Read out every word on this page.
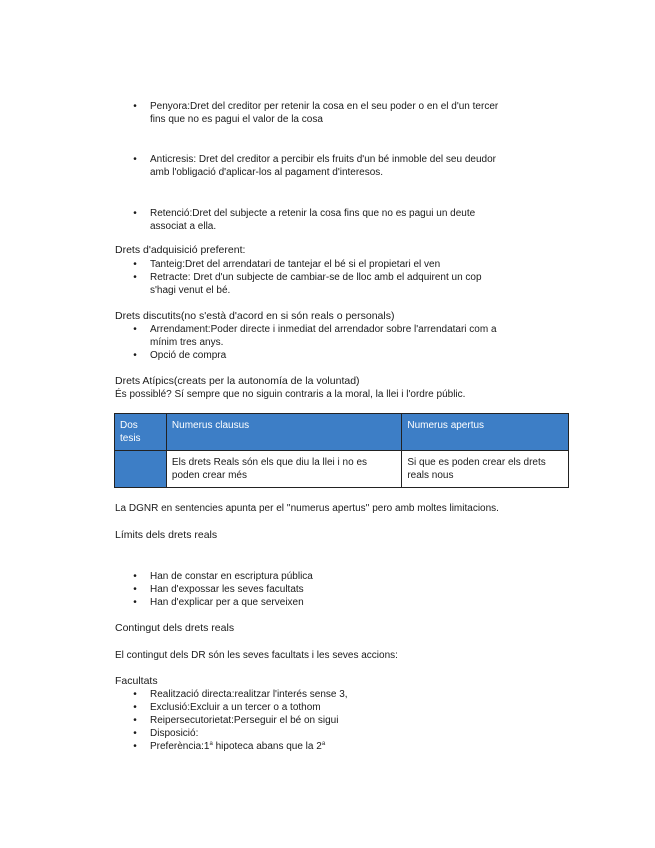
•	Penyora:Dret del creditor per retenir la cosa en el seu poder o en el d'un tercer
fins que no es pagui el valor de la cosa
•	Anticresis: Dret del creditor a percibir els fruits d'un bé inmoble del seu deudor
amb l'obligació d'aplicar-los al pagament d'interesos.
•	Retenció:Dret del subjecte a retenir la cosa fins que no es pagui un deute
associat a ella.
Drets d'adquisició preferent:
•	Tanteig:Dret del arrendatari de tantejar el bé si el propietari el ven
•	Retracte: Dret d'un subjecte de cambiar-se de lloc amb el adquirent un cop
s'hagi venut el bé.
Drets discutits(no s'està d'acord en si són reals o personals)
•	Arrendament:Poder directe i inmediat del arrendador sobre l'arrendatari com a
mínim tres anys.
•	Opció de compra
Drets Atípics(creats per la autonomía de la voluntad)
És possiblé? Sí sempre que no siguin contraris a la moral, la llei i l'ordre públic.
Dos tesis	Numerus clausus	Numerus apertus
	Els drets Reals són els que diu la llei i no es poden crear més	Si que es poden crear els drets reals nous
La DGNR en sentencies apunta per el ''numerus apertus'' pero amb moltes limitacions.
Límits dels drets reals
•	Han de constar en escriptura pública
•	Han d'expossar les seves facultats
•	Han d'explicar per a que serveixen
Contingut dels drets reals
El contingut dels DR són les seves facultats i les seves accions:
Facultats
•	Realització directa:realitzar l'interés sense 3,
•	Exclusió:Excluir a un tercer o a tothom
•	Reipersecutorietat:Perseguir el bé on sigui
•	Disposició:
•	Preferència:1$^a$ hipoteca abans que la 2$^a$
